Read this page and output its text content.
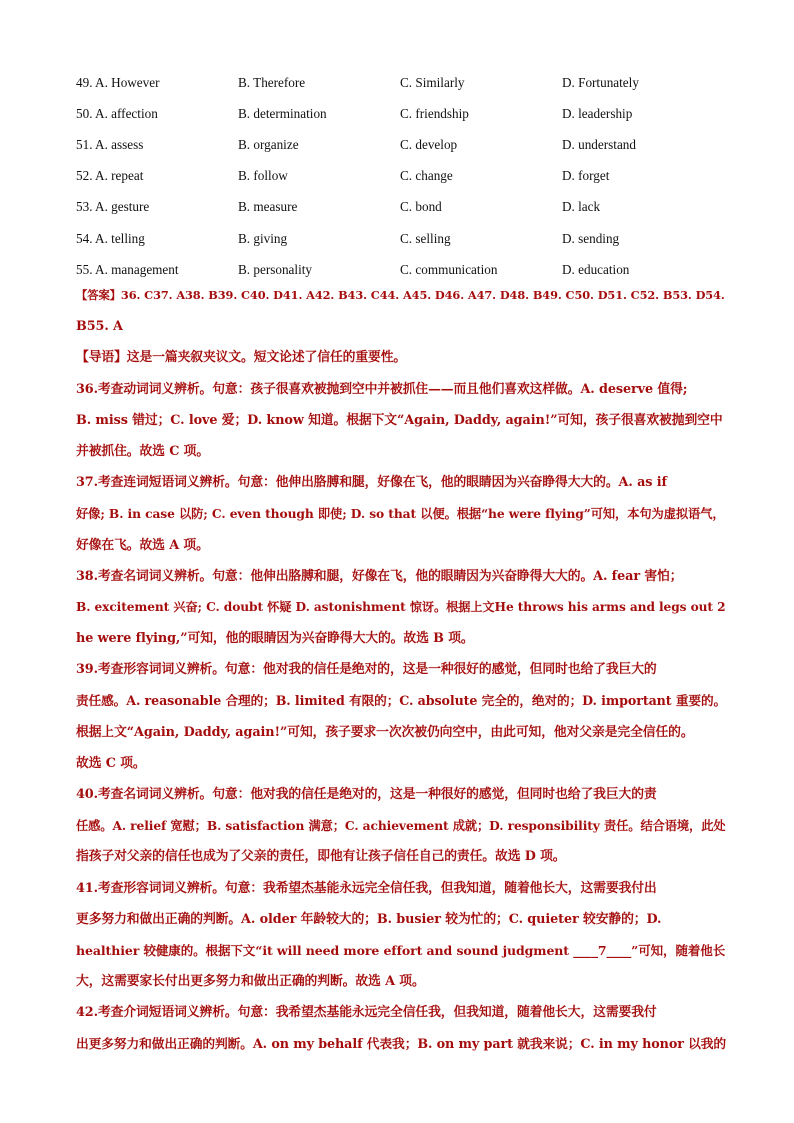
49. A. However	B. Therefore	C. Similarly	D. Fortunately
50. A. affection	B. determination	C. friendship	D. leadership
51. A. assess	B. organize	C. develop	D. understand
52. A. repeat	B. follow	C. change	D. forget
53. A. gesture	B. measure	C. bond	D. lack
54. A. telling	B. giving	C. selling	D. sending
55. A. management	B. personality	C. communication	D. education
【答案】36. C37. A38. B39. C40. D41. A42. B43. C44. A45. D46. A47. D48. B49. C50. D51. C52. B53. D54.
B55. A
【导语】这是一篇夹叙夹议文。短文论述了信任的重要性。
36.考查动词词义辨析。句意：孩子很喜欢被抛到空中并被抓住——而且他们喜欢这样做。A. deserve 值得;
B. miss 错过；C. love 爱；D. know 知道。根据下文“Again, Daddy, again!”可知，孩子很喜欢被抛到空中
并被抓住。故选 C 项。
37.考查连词短语词义辨析。句意：他伸出胳膊和腿，好像在飞，他的眼睛因为兴奋睁得大大的。A. as if
好像; B. in case 以防; C. even though 即使; D. so that 以便。根据“he were flying”可知，本句为虚拟语气，
好像在飞。故选 A 项。
38.考查名词词义辨析。句意：他伸出胳膊和腿，好像在飞，他的眼睛因为兴奋睁得大大的。A. fear 害怕；
B. excitement 兴奋; C. doubt 怀疑 D. astonishment 惊讶。根据上文He throws his arms and legs out 2
he were flying,”可知，他的眼睛因为兴奋睁得大大的。故选 B 项。
39.考查形容词词义辨析。句意：他对我的信任是绝对的，这是一种很好的感觉，但同时也给了我巨大的
责任感。A. reasonable 合理的；B. limited 有限的；C. absolute 完全的，绝对的；D. important 重要的。
根据上文“Again, Daddy, again!”可知，孩子要求一次次被仍向空中，由此可知，他对父亲是完全信任的。
故选 C 项。
40.考查名词词义辨析。句意：他对我的信任是绝对的，这是一种很好的感觉，但同时也给了我巨大的责
任感。A. relief 宽慰；B. satisfaction 满意；C. achievement 成就；D. responsibility 责任。结合语境，此处
指孩子对父亲的信任也成为了父亲的责任，即他有让孩子信任自己的责任。故选 D 项。
41.考查形容词词义辨析。句意：我希望杰基能永远完全信任我，但我知道，随着他长大，这需要我付出
更多努力和做出正确的判断。A. older 年龄较大的；B. busier 较为忙的；C. quieter 较安静的；D.
healthier 较健康的。根据下文“it will need more effort and sound judgment ____7____”可知，随着他长
大，这需要家长付出更多努力和做出正确的判断。故选 A 项。
42.考查介词短语词义辨析。句意：我希望杰基能永远完全信任我，但我知道，随着他长大，这需要我付
出更多努力和做出正确的判断。A. on my behalf 代表我；B. on my part 就我来说；C. in my honor 以我的
